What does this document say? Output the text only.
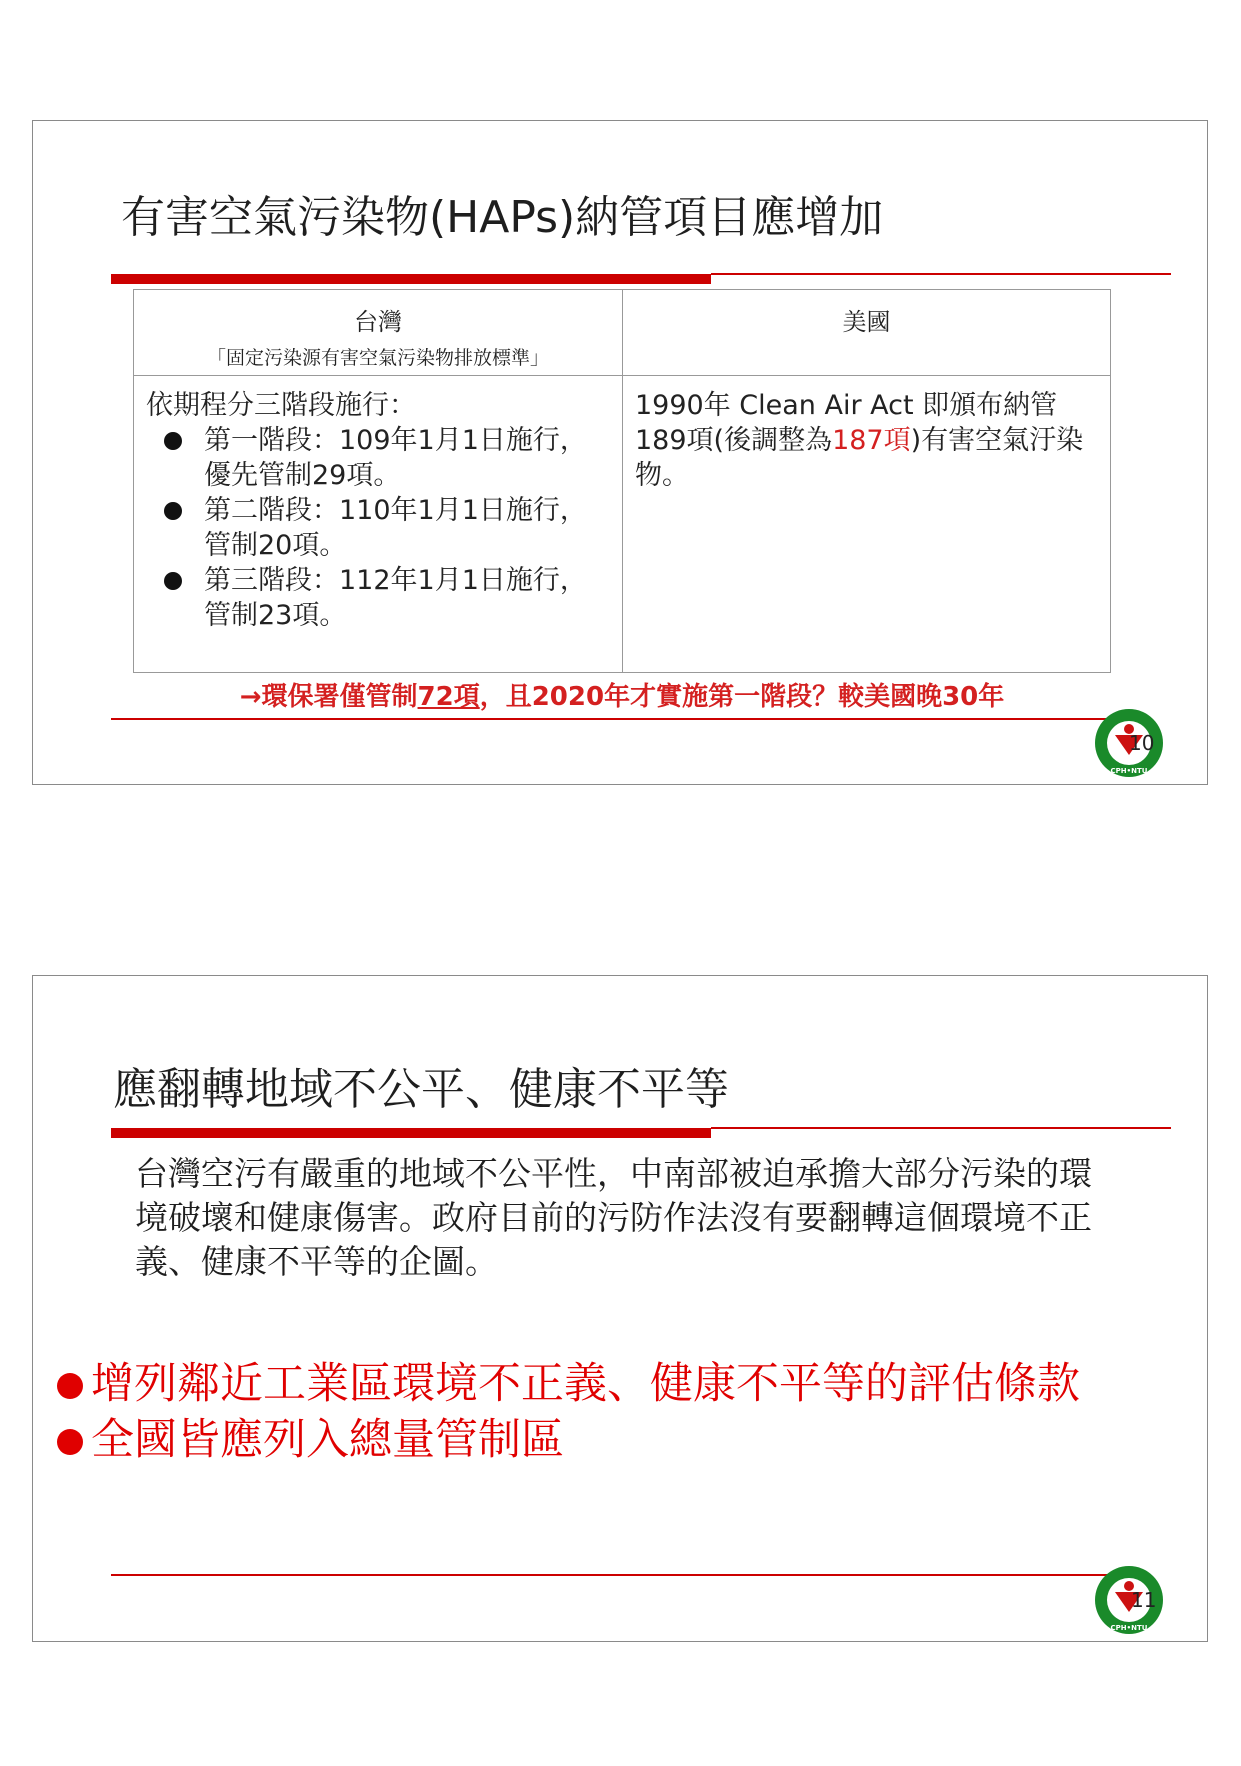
有害空氣污染物(HAPs)納管項目應增加
台灣
「固定污染源有害空氣污染物排放標準」
依期程分三階段施行：
第一階段：109年1月1日施行，優先管制29項。
第二階段：110年1月1日施行，管制20項。
第三階段：112年1月1日施行，管制23項。
美國
1990年 Clean Air Act 即頒布納管189項(後調整為187項)有害空氣汙染物。
→環保署僅管制72項，且2020年才實施第一階段？較美國晚30年
CPH•NTU
10
應翻轉地域不公平、健康不平等

台灣空污有嚴重的地域不公平性，中南部被迫承擔大部分污染的環境破壞和健康傷害。政府目前的污防作法沒有要翻轉這個環境不正義、健康不平等的企圖。

增列鄰近工業區環境不正義、健康不平等的評估條款
全國皆應列入總量管制區
CPH•NTU
11
